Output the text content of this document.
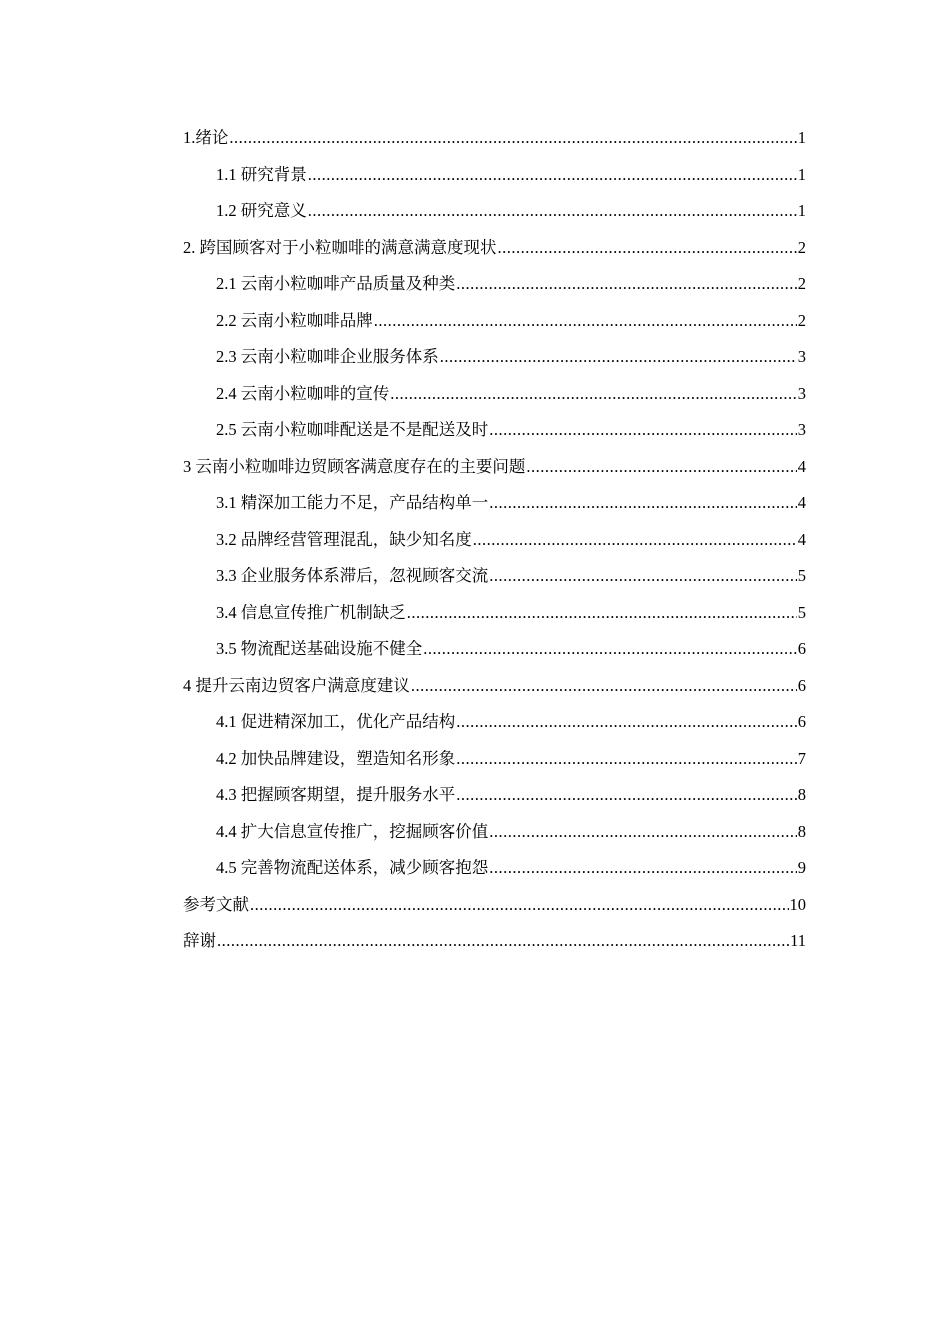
1.绪论 .....	1
1.1 研究背景 .....	1
1.2 研究意义 .....	1
2. 跨国顾客对于小粒咖啡的满意满意度现状 .....	2
2.1 云南小粒咖啡产品质量及种类 .....	2
2.2 云南小粒咖啡品牌 .....	2
2.3 云南小粒咖啡企业服务体系 .....	3
2.4 云南小粒咖啡的宣传 .....	3
2.5 云南小粒咖啡配送是不是配送及时 .....	3
3 云南小粒咖啡边贸顾客满意度存在的主要问题 .....	4
3.1 精深加工能力不足，产品结构单一 .....	4
3.2 品牌经营管理混乱，缺少知名度 .....	4
3.3 企业服务体系滞后，忽视顾客交流 .....	5
3.4 信息宣传推广机制缺乏 .....	5
3.5 物流配送基础设施不健全 .....	6
4 提升云南边贸客户满意度建议 .....	6
4.1 促进精深加工，优化产品结构 .....	6
4.2 加快品牌建设，塑造知名形象 .....	7
4.3 把握顾客期望，提升服务水平 .....	8
4.4 扩大信息宣传推广，挖掘顾客价值 .....	8
4.5 完善物流配送体系，减少顾客抱怨 .....	9
参考文献 .....	10
辞谢 .....	11
